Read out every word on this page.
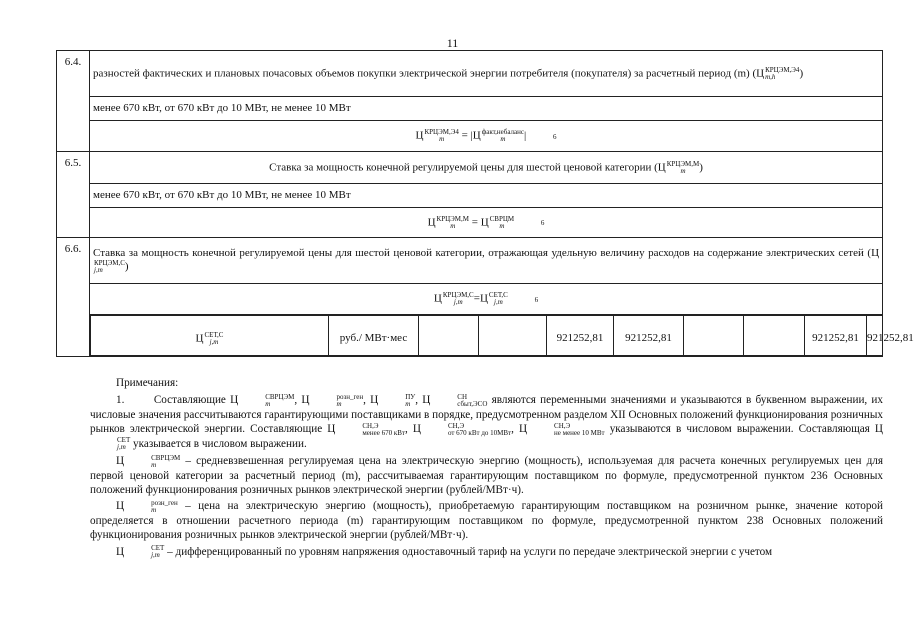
11
6.4.	разностей фактических и плановых почасовых объемов покупки электрической энергии потребителя (покупателя) за расчетный период (m) (Ц КРЦЭМ,Э4
m,h	)
менее 670 кВт, от 670 кВт до 10 МВт, не менее 10 МВт
Ц КРЦЭМ,Э4
m	= |Ц факт,небаланс
m	|	6
6.5.	Ставка за мощность конечной регулируемой цены для шестой ценовой категории (Ц КРЦЭМ,М
m	)
менее 670 кВт, от 670 кВт до 10 МВт, не менее 10 МВт
Ц КРЦЭМ,М
m	= Ц СВРЦМ
m	6
6.6.	Ставка за мощность конечной регулируемой цены для шестой ценовой категории, отражающая удельную величину расходов на содержание электрических сетей (Ц
КРЦЭМ,С
j,m	)
Ц КРЦЭМ,С
j,m	=Ц СЕТ,С
j,m	6

Ц СЕТ,С
j,m	руб./ МВт·мес			921252,81	921252,81			921252,81	921252,81

Примечания:

1.	Составляющие Ц	СВРЦЭМ
m	, Ц	розн_ген
m	, Ц	ПУ
m , Ц	СН
сбыт,ЭСО являются переменными значениями и указываются в буквенном выражении, их числовые значения рассчитываются гарантирующими поставщиками в порядке, предусмотренном разделом XII Основных положений функционирования розничных рынков электрической энергии. Составляющие Ц	СН,Э
менее 670 кВт , Ц	СН,Э
от 670 кВт до 10МВт , Ц	СН,Э
не менее 10 МВт указываются в числовом выражении. Составляющая Ц
СЕТ
j,m указывается в числовом выражении.

Ц	СВРЦЭМ
m	– средневзвешенная регулируемая цена на электрическую энергию (мощность), используемая для расчета конечных регулируемых цен для первой ценовой категории за расчетный период (m), рассчитываемая гарантирующим поставщиком по формуле, предусмотренной пунктом 236 Основных положений функционирования розничных рынков электрической энергии (рублей/МВт·ч).

Ц	розн_ген
m	– цена на электрическую энергию (мощность), приобретаемую гарантирующим поставщиком на розничном рынке, значение которой определяется в отношении расчетного периода (m) гарантирующим поставщиком по формуле, предусмотренной пунктом 238 Основных положений функционирования розничных рынков электрической энергии (рублей/МВт·ч).

Ц	СЕТ
j,m – дифференцированный по уровням напряжения одноставочный тариф на услуги по передаче электрической энергии с учетом
